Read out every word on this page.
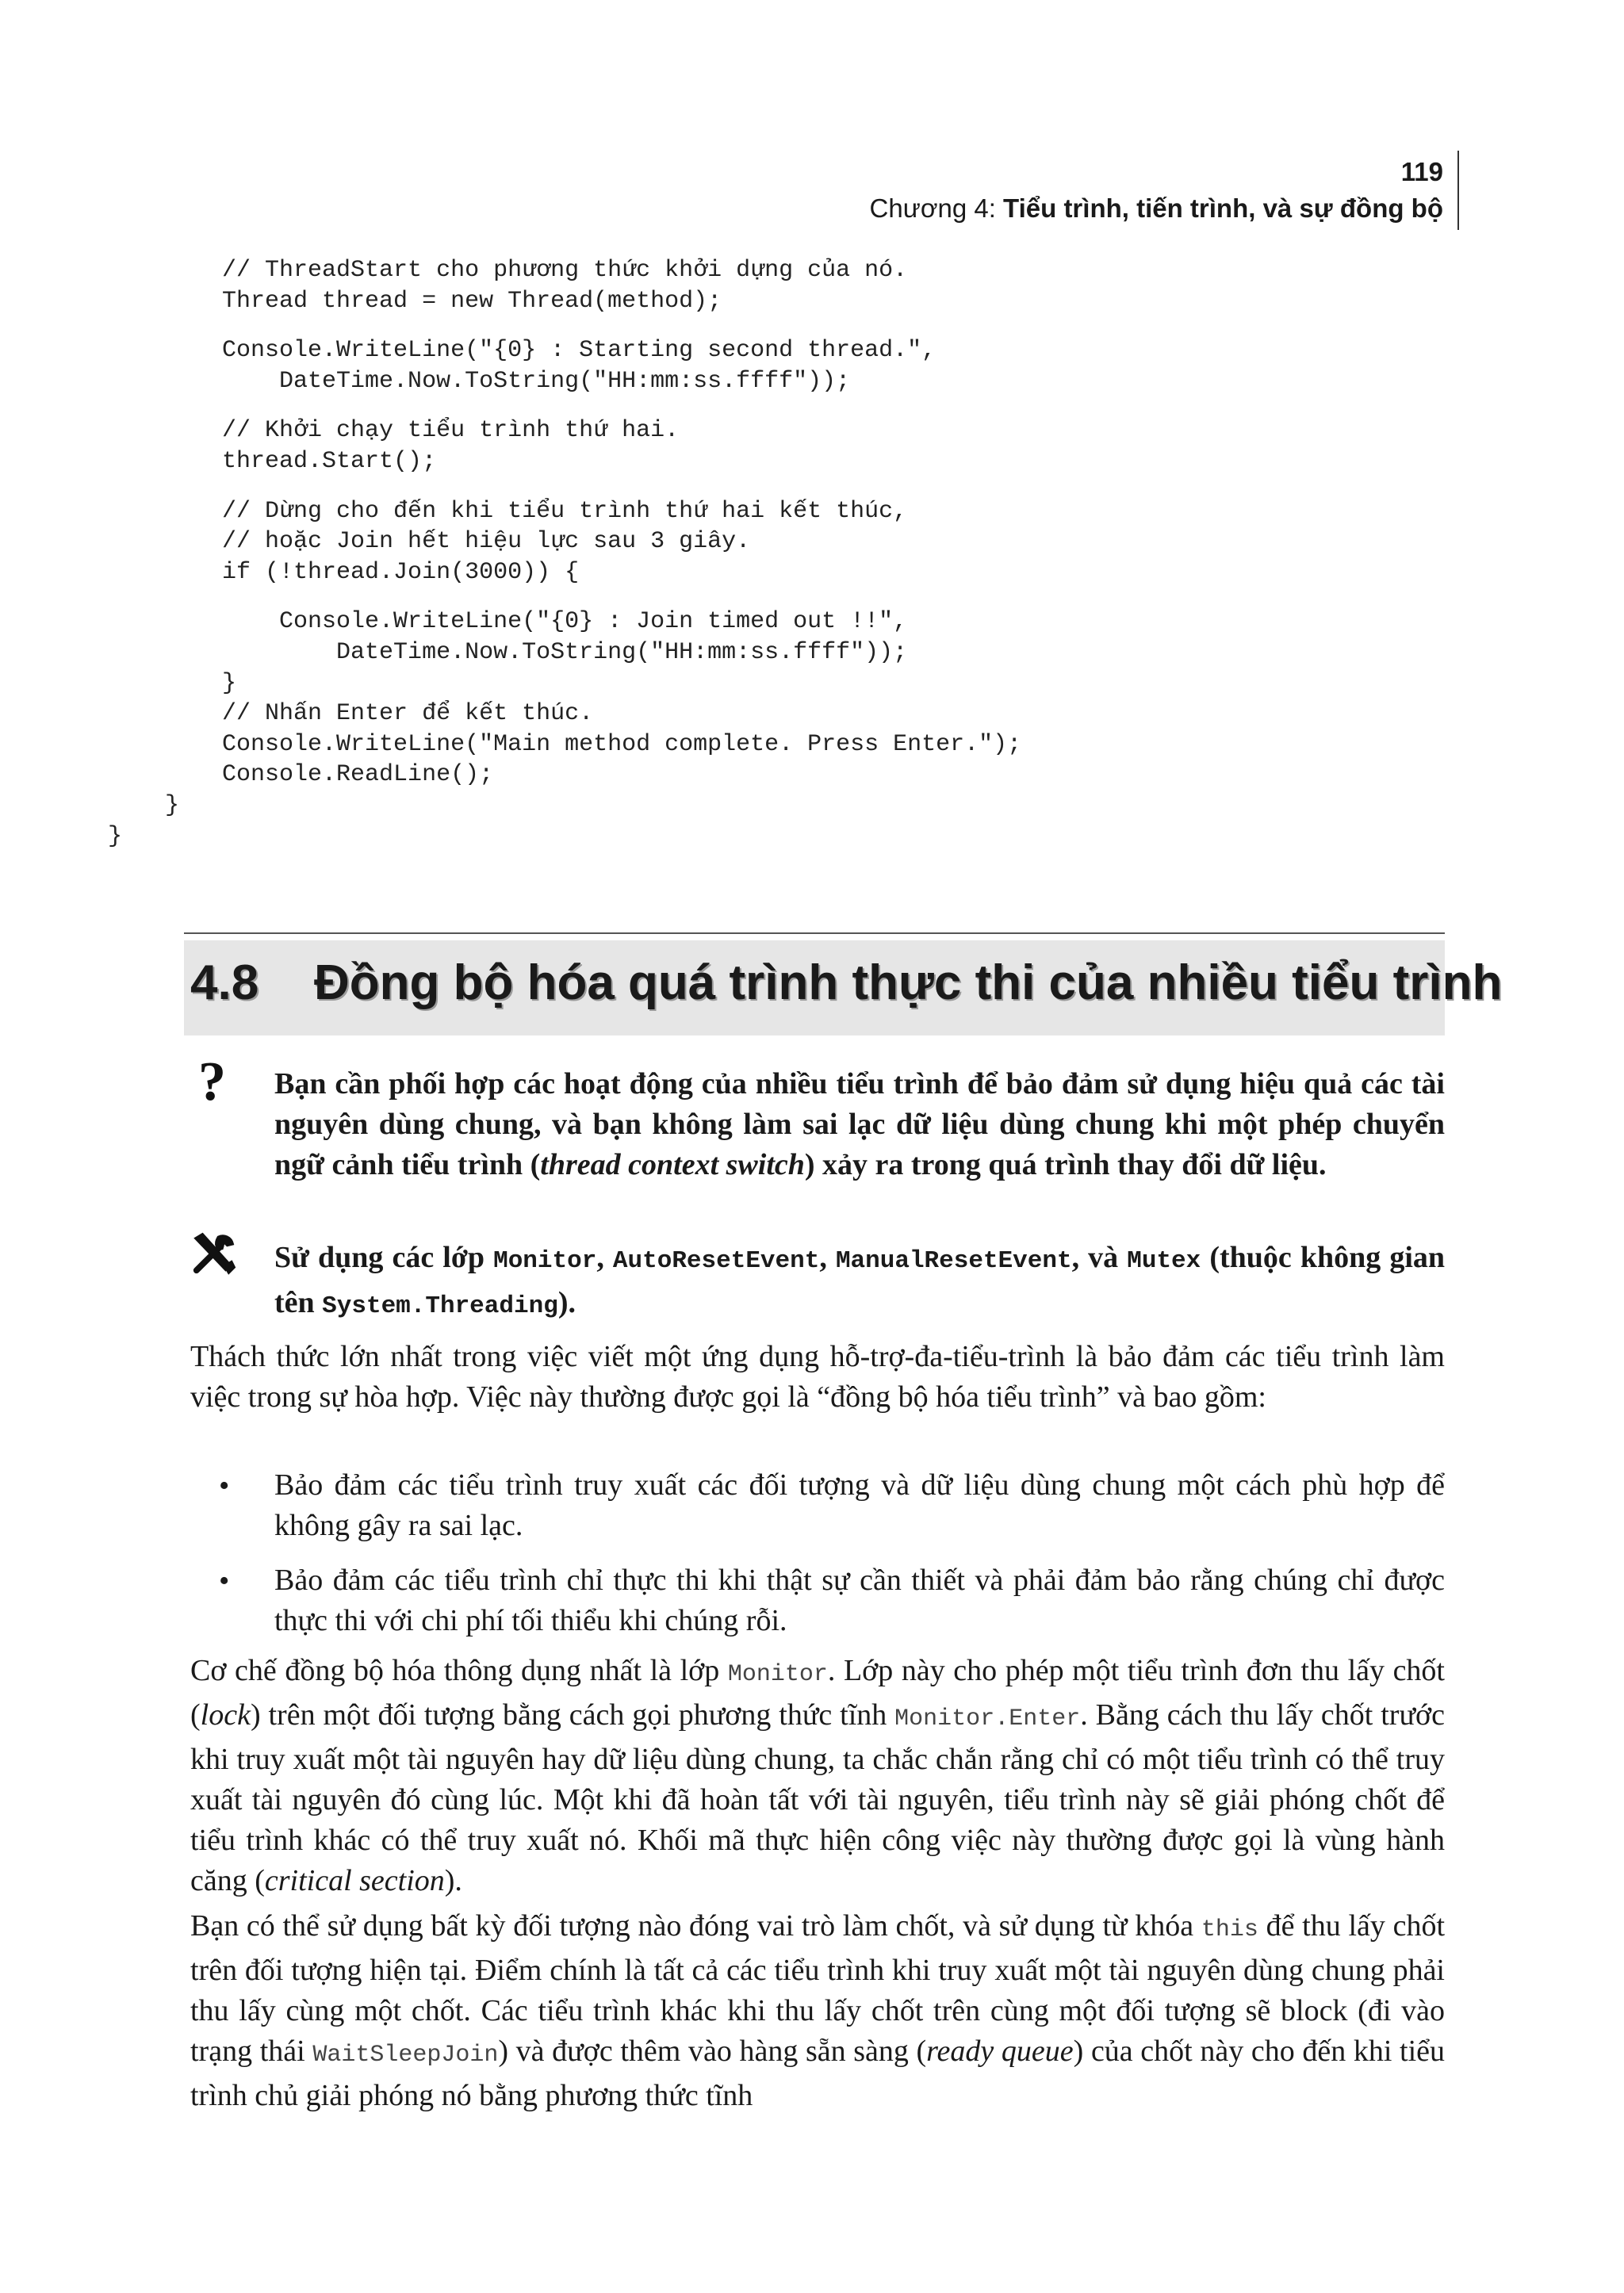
119
Chương 4: Tiểu trình, tiến trình, và sự đồng bộ
// ThreadStart cho phương thức khởi dựng của nó.
Thread thread = new Thread(method);
Console.WriteLine("{0} : Starting second thread.",
DateTime.Now.ToString("HH:mm:ss.ffff"));
// Khởi chạy tiểu trình thứ hai.
thread.Start();
// Dừng cho đến khi tiểu trình thứ hai kết thúc,
// hoặc Join hết hiệu lực sau 3 giây.
if (!thread.Join(3000)) {
Console.WriteLine("{0} : Join timed out !!",
DateTime.Now.ToString("HH:mm:ss.ffff"));
}
// Nhấn Enter để kết thúc.
Console.WriteLine("Main method complete. Press Enter.");
Console.ReadLine();
}
}
4.8 Đồng bộ hóa quá trình thực thi của nhiều tiểu trình
? Bạn cần phối hợp các hoạt động của nhiều tiểu trình để bảo đảm sử dụng hiệu quả các tài nguyên dùng chung, và bạn không làm sai lạc dữ liệu dùng chung khi một phép chuyển ngữ cảnh tiểu trình (thread context switch) xảy ra trong quá trình thay đổi dữ liệu.
Sử dụng các lớp Monitor, AutoResetEvent, ManualResetEvent, và Mutex (thuộc không gian tên System.Threading).
Thách thức lớn nhất trong việc viết một ứng dụng hỗ-trợ-đa-tiểu-trình là bảo đảm các tiểu trình làm việc trong sự hòa hợp. Việc này thường được gọi là “đồng bộ hóa tiểu trình” và bao gồm:
• Bảo đảm các tiểu trình truy xuất các đối tượng và dữ liệu dùng chung một cách phù hợp để không gây ra sai lạc.
• Bảo đảm các tiểu trình chỉ thực thi khi thật sự cần thiết và phải đảm bảo rằng chúng chỉ được thực thi với chi phí tối thiểu khi chúng rỗi.
Cơ chế đồng bộ hóa thông dụng nhất là lớp Monitor. Lớp này cho phép một tiểu trình đơn thu lấy chốt (lock) trên một đối tượng bằng cách gọi phương thức tĩnh Monitor.Enter. Bằng cách thu lấy chốt trước khi truy xuất một tài nguyên hay dữ liệu dùng chung, ta chắc chắn rằng chỉ có một tiểu trình có thể truy xuất tài nguyên đó cùng lúc. Một khi đã hoàn tất với tài nguyên, tiểu trình này sẽ giải phóng chốt để tiểu trình khác có thể truy xuất nó. Khối mã thực hiện công việc này thường được gọi là vùng hành căng (critical section).
Bạn có thể sử dụng bất kỳ đối tượng nào đóng vai trò làm chốt, và sử dụng từ khóa this để thu lấy chốt trên đối tượng hiện tại. Điểm chính là tất cả các tiểu trình khi truy xuất một tài nguyên dùng chung phải thu lấy cùng một chốt. Các tiểu trình khác khi thu lấy chốt trên cùng một đối tượng sẽ block (đi vào trạng thái WaitSleepJoin) và được thêm vào hàng sẵn sàng (ready queue) của chốt này cho đến khi tiểu trình chủ giải phóng nó bằng phương thức tĩnh
